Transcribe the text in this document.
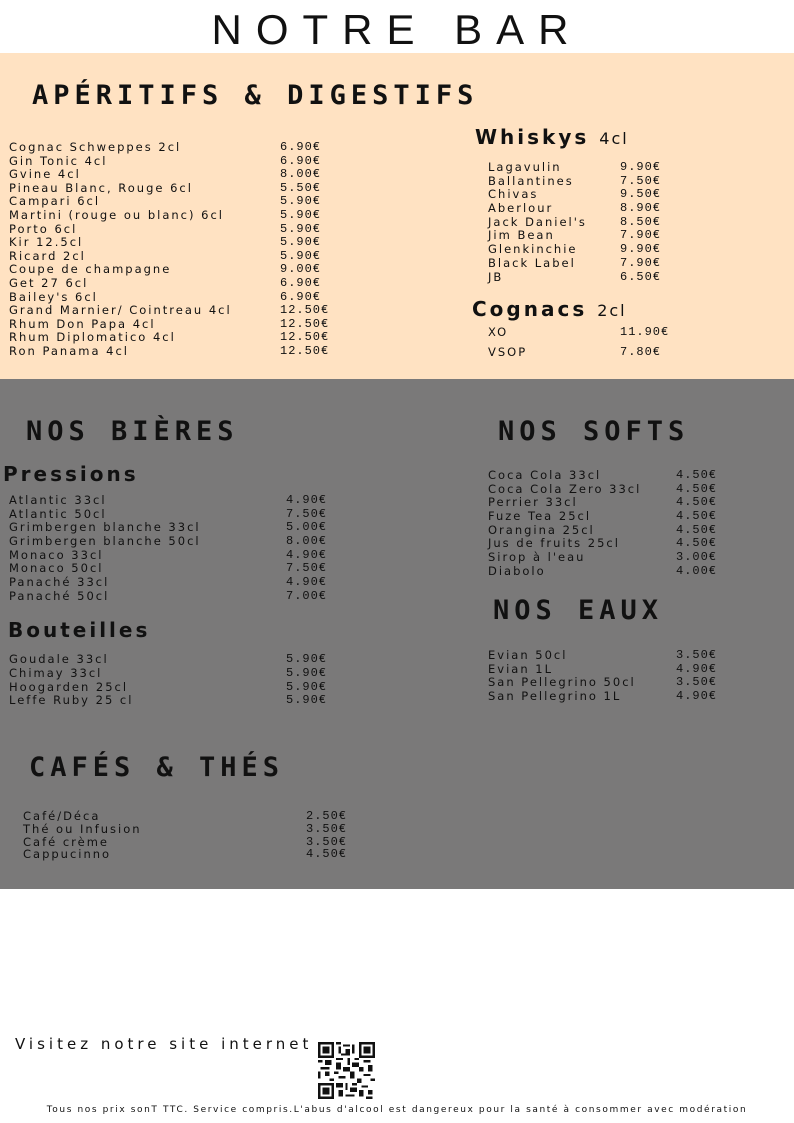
NOTRE BAR
APÉRITIFS & DIGESTIFS
Cognac Schweppes 2cl	6.90€
Gin Tonic 4cl	6.90€
Gvine 4cl	8.00€
Pineau Blanc, Rouge 6cl	5.50€
Campari 6cl	5.90€
Martini (rouge ou blanc) 6cl	5.90€
Porto 6cl	5.90€
Kir 12.5cl	5.90€
Ricard 2cl	5.90€
Coupe de champagne	9.00€
Get 27 6cl	6.90€
Bailey's 6cl	6.90€
Grand Marnier/ Cointreau 4cl	12.50€
Rhum Don Papa 4cl	12.50€
Rhum Diplomatico 4cl	12.50€
Ron Panama 4cl	12.50€
Whiskys 4cl
Lagavulin	9.90€
Ballantines	7.50€
Chivas	9.50€
Aberlour	8.90€
Jack Daniel's	8.50€
Jim Bean	7.90€
Glenkinchie	9.90€
Black Label	7.90€
JB	6.50€
Cognacs 2cl
XO	11.90€
VSOP	7.80€
NOS BIÈRES
Pressions
Atlantic 33cl	4.90€
Atlantic 50cl	7.50€
Grimbergen blanche 33cl	5.00€
Grimbergen blanche 50cl	8.00€
Monaco 33cl	4.90€
Monaco 50cl	7.50€
Panaché 33cl	4.90€
Panaché 50cl	7.00€
Bouteilles
Goudale 33cl	5.90€
Chimay 33cl	5.90€
Hoogarden 25cl	5.90€
Leffe Ruby 25 cl	5.90€
NOS SOFTS
Coca Cola 33cl	4.50€
Coca Cola Zero 33cl	4.50€
Perrier 33cl	4.50€
Fuze Tea 25cl	4.50€
Orangina 25cl	4.50€
Jus de fruits 25cl	4.50€
Sirop à l'eau	3.00€
Diabolo	4.00€
NOS EAUX
Evian 50cl	3.50€
Evian 1L	4.90€
San Pellegrino 50cl	3.50€
San Pellegrino 1L	4.90€
CAFÉS & THÉS
Café/Déca	2.50€
Thé ou Infusion	3.50€
Café crème	3.50€
Cappucinno	4.50€
Visitez notre site internet
Tous nos prix sonT TTC. Service compris.L'abus d'alcool est dangereux pour la santé à consommer avec modération
